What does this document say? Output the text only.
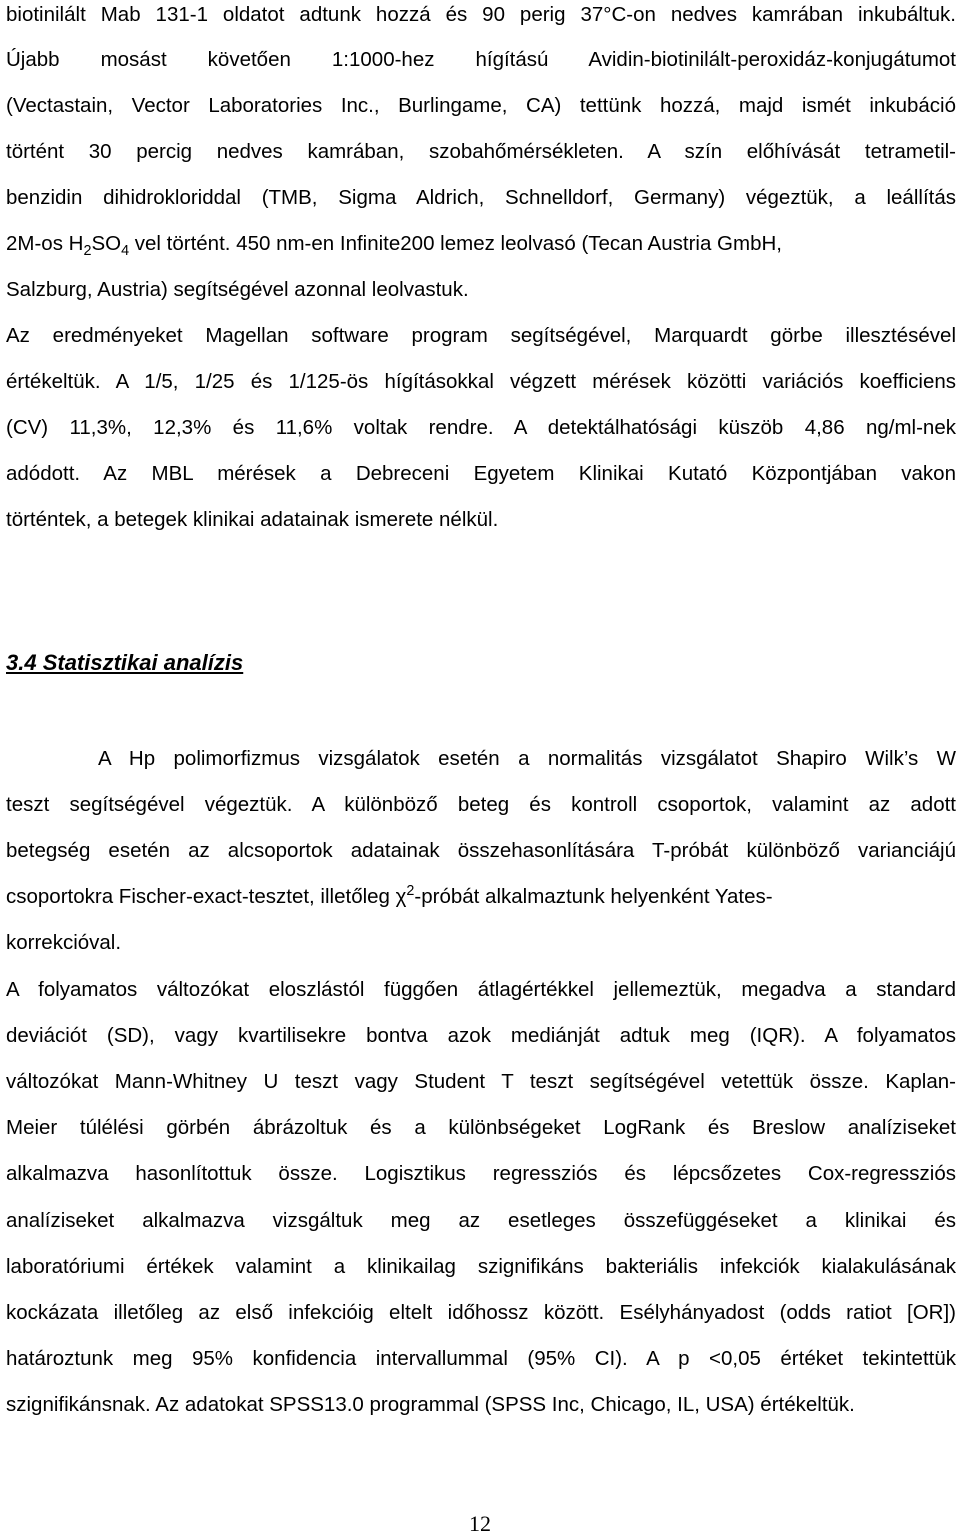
biotinilált Mab 131-1 oldatot adtunk hozzá és 90 perig 37°C-on nedves kamrában inkubáltuk.
Újabb mosást követően 1:1000-hez hígítású Avidin-biotinilált-peroxidáz-konjugátumot
(Vectastain, Vector Laboratories Inc., Burlingame, CA) tettünk hozzá, majd ismét inkubáció
történt 30 percig nedves kamrában, szobahőmérsékleten. A szín előhívását tetrametil-
benzidin dihidrokloriddal (TMB, Sigma Aldrich, Schnelldorf, Germany) végeztük, a leállítás
2M-os $H_2SO_4$ vel történt. 450 nm-en Infinite200 lemez leolvasó (Tecan Austria GmbH,
Salzburg, Austria) segítségével azonnal leolvastuk.
Az eredményeket Magellan software program segítségével, Marquardt görbe illesztésével
értékeltük. A 1/5, 1/25 és 1/125-ös hígításokkal végzett mérések közötti variációs koefficiens
(CV) 11,3%, 12,3% és 11,6% voltak rendre. A detektálhatósági küszöb 4,86 ng/ml-nek
adódott. Az MBL mérések a Debreceni Egyetem Klinikai Kutató Központjában vakon
történtek, a betegek klinikai adatainak ismerete nélkül.
3.4 Statisztikai analízis
A Hp polimorfizmus vizsgálatok esetén a normalitás vizsgálatot Shapiro Wilk’s W
teszt segítségével végeztük. A különböző beteg és kontroll csoportok, valamint az adott
betegség esetén az alcsoportok adatainak összehasonlítására T-próbát különböző varianciájú
csoportokra Fischer-exact-tesztet, illetőleg $\chi^2$-próbát alkalmaztunk helyenként Yates-
korrekcióval.
A folyamatos változókat eloszlástól függően átlagértékkel jellemeztük, megadva a standard
deviációt (SD), vagy kvartilisekre bontva azok mediánját adtuk meg (IQR). A folyamatos
változókat Mann-Whitney U teszt vagy Student T teszt segítségével vetettük össze. Kaplan-
Meier túlélési görbén ábrázoltuk és a különbségeket LogRank és Breslow analíziseket
alkalmazva hasonlítottuk össze. Logisztikus regressziós és lépcsőzetes Cox-regressziós
analíziseket alkalmazva vizsgáltuk meg az esetleges összefüggéseket a klinikai és
laboratóriumi értékek valamint a klinikailag szignifikáns bakteriális infekciók kialakulásának
kockázata illetőleg az első infekcióig eltelt időhossz között. Esélyhányadost (odds ratiot [OR])
határoztunk meg 95% konfidencia intervallummal (95% CI). A p <0,05 értéket tekintettük
szignifikánsnak. Az adatokat SPSS13.0 programmal (SPSS Inc, Chicago, IL, USA) értékeltük.
12
